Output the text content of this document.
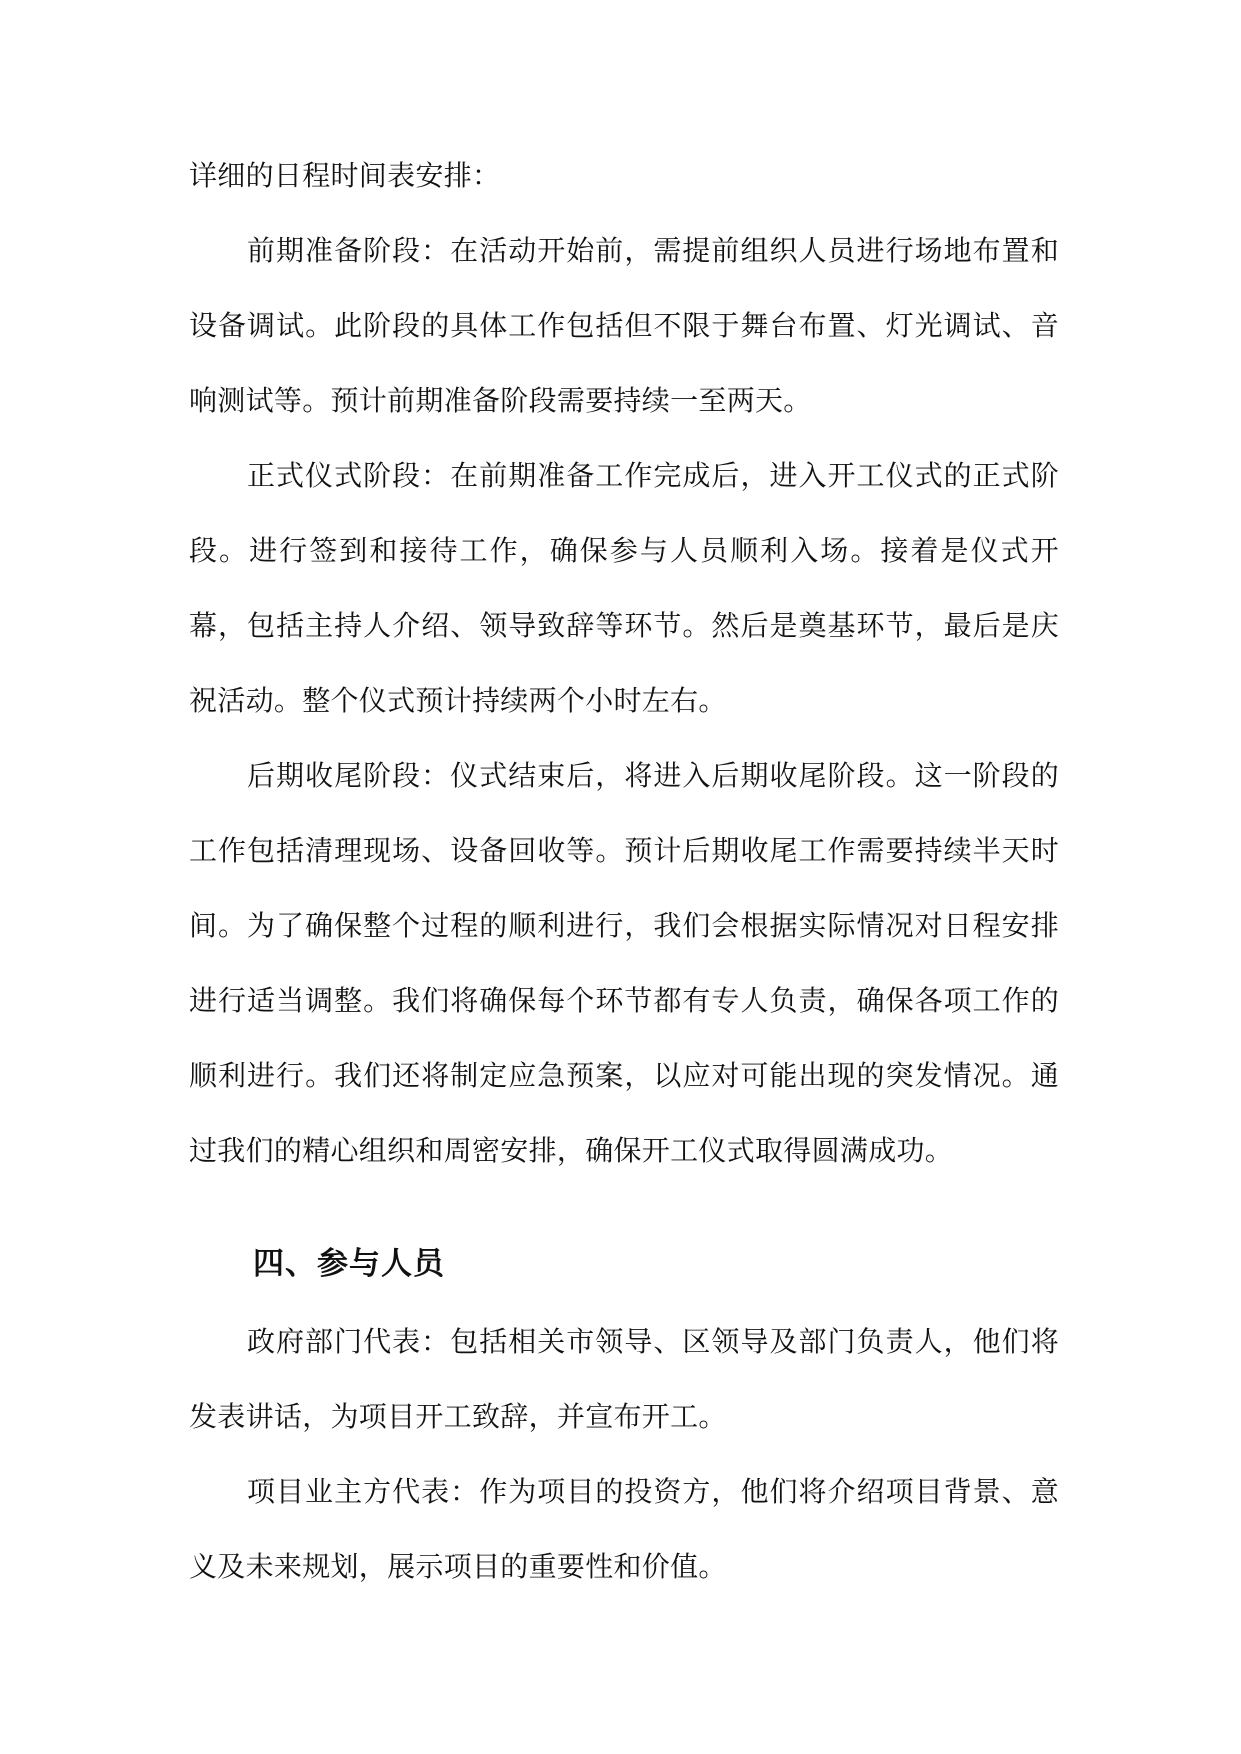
详细的日程时间表安排：

前期准备阶段：在活动开始前，需提前组织人员进行场地布置和设备调试。此阶段的具体工作包括但不限于舞台布置、灯光调试、音响测试等。预计前期准备阶段需要持续一至两天。

正式仪式阶段：在前期准备工作完成后，进入开工仪式的正式阶段。进行签到和接待工作，确保参与人员顺利入场。接着是仪式开幕，包括主持人介绍、领导致辞等环节。然后是奠基环节，最后是庆祝活动。整个仪式预计持续两个小时左右。

后期收尾阶段：仪式结束后，将进入后期收尾阶段。这一阶段的工作包括清理现场、设备回收等。预计后期收尾工作需要持续半天时间。为了确保整个过程的顺利进行，我们会根据实际情况对日程安排进行适当调整。我们将确保每个环节都有专人负责，确保各项工作的顺利进行。我们还将制定应急预案，以应对可能出现的突发情况。通过我们的精心组织和周密安排，确保开工仪式取得圆满成功。

四、参与人员

政府部门代表：包括相关市领导、区领导及部门负责人，他们将发表讲话，为项目开工致辞，并宣布开工。

项目业主方代表：作为项目的投资方，他们将介绍项目背景、意义及未来规划，展示项目的重要性和价值。
